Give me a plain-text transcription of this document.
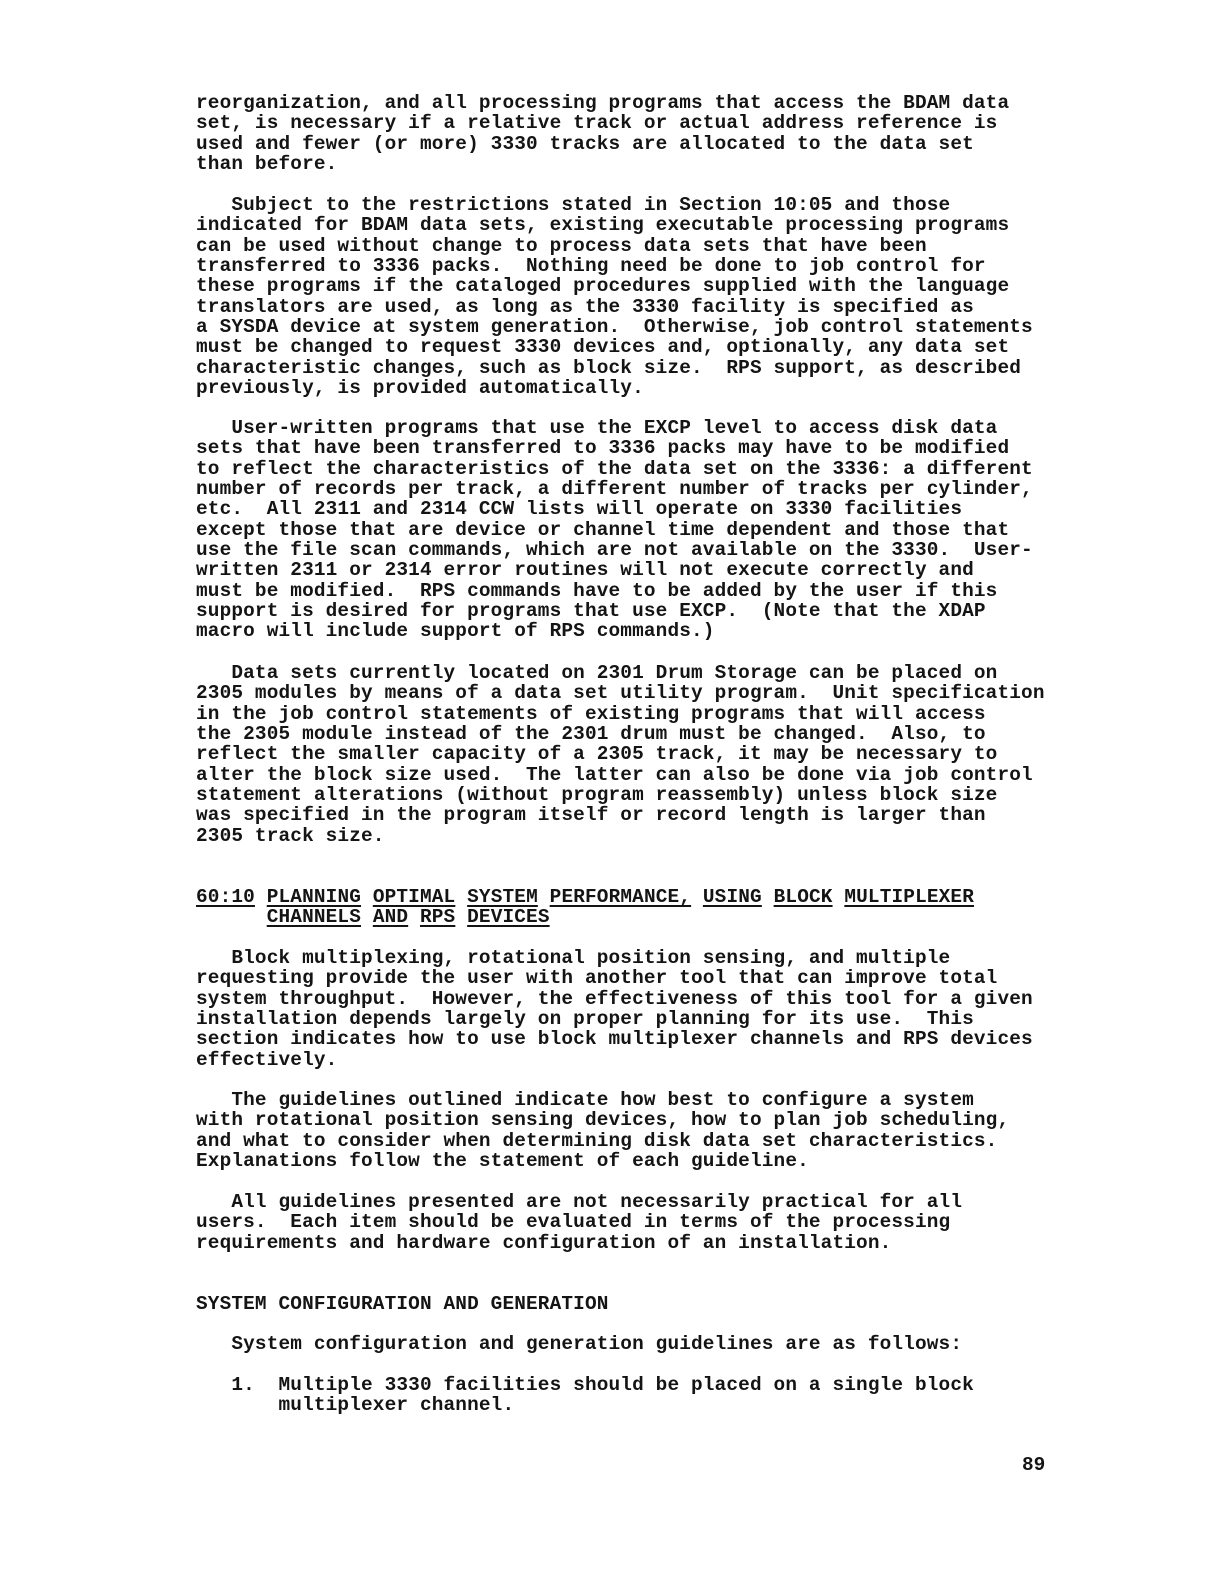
reorganization, and all processing programs that access the BDAM data
set, is necessary if a relative track or actual address reference is
used and fewer (or more) 3330 tracks are allocated to the data set
than before.
Subject to the restrictions stated in Section 10:05 and those
indicated for BDAM data sets, existing executable processing programs
can be used without change to process data sets that have been
transferred to 3336 packs.  Nothing need be done to job control for
these programs if the cataloged procedures supplied with the language
translators are used, as long as the 3330 facility is specified as
a SYSDA device at system generation.  Otherwise, job control statements
must be changed to request 3330 devices and, optionally, any data set
characteristic changes, such as block size.  RPS support, as described
previously, is provided automatically.
User-written programs that use the EXCP level to access disk data
sets that have been transferred to 3336 packs may have to be modified
to reflect the characteristics of the data set on the 3336: a different
number of records per track, a different number of tracks per cylinder,
etc.  All 2311 and 2314 CCW lists will operate on 3330 facilities
except those that are device or channel time dependent and those that
use the file scan commands, which are not available on the 3330.  User-
written 2311 or 2314 error routines will not execute correctly and
must be modified.  RPS commands have to be added by the user if this
support is desired for programs that use EXCP.  (Note that the XDAP
macro will include support of RPS commands.)
Data sets currently located on 2301 Drum Storage can be placed on
2305 modules by means of a data set utility program.  Unit specification
in the job control statements of existing programs that will access
the 2305 module instead of the 2301 drum must be changed.  Also, to
reflect the smaller capacity of a 2305 track, it may be necessary to
alter the block size used.  The latter can also be done via job control
statement alterations (without program reassembly) unless block size
was specified in the program itself or record length is larger than
2305 track size.
60:10 PLANNING OPTIMAL SYSTEM PERFORMANCE, USING BLOCK MULTIPLEXER
CHANNELS AND RPS DEVICES
Block multiplexing, rotational position sensing, and multiple
requesting provide the user with another tool that can improve total
system throughput.  However, the effectiveness of this tool for a given
installation depends largely on proper planning for its use.  This
section indicates how to use block multiplexer channels and RPS devices
effectively.
The guidelines outlined indicate how best to configure a system
with rotational position sensing devices, how to plan job scheduling,
and what to consider when determining disk data set characteristics.
Explanations follow the statement of each guideline.
All guidelines presented are not necessarily practical for all
users.  Each item should be evaluated in terms of the processing
requirements and hardware configuration of an installation.
SYSTEM CONFIGURATION AND GENERATION
System configuration and generation guidelines are as follows:
1.  Multiple 3330 facilities should be placed on a single block
multiplexer channel.
89
